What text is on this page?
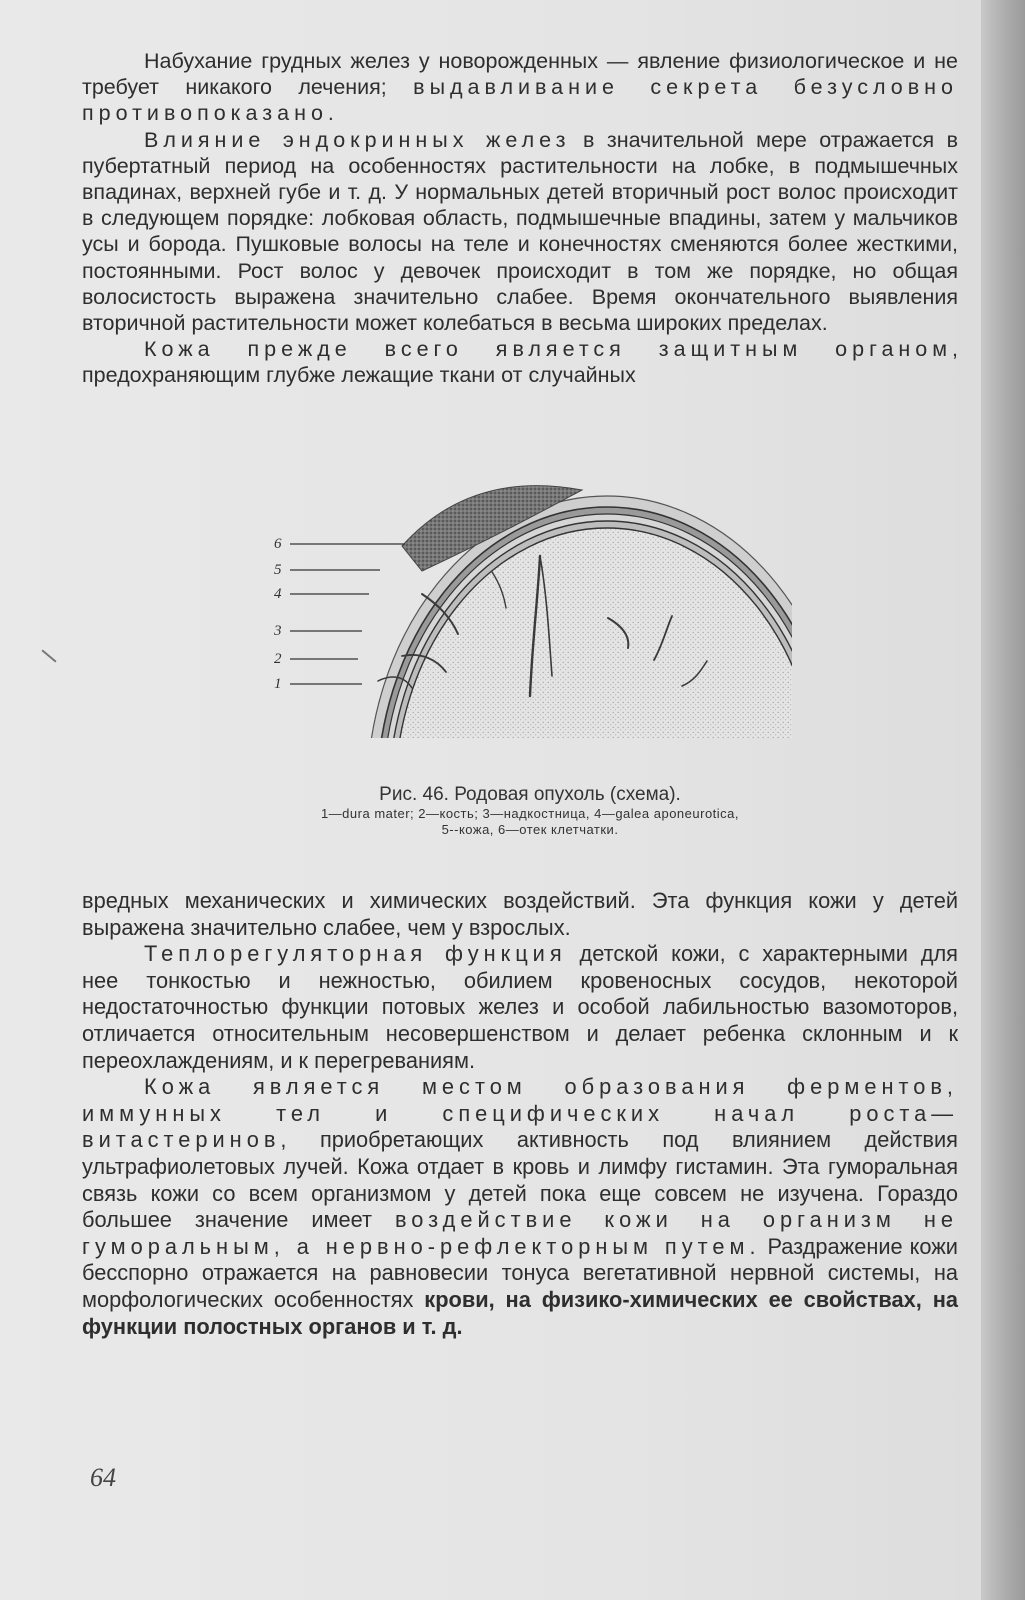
Набухание грудных желез у новорожденных — явление физиологическое и не требует никакого лечения; выдавливание секрета безусловно противопоказано.

Влияние эндокринных желез в значительной мере отражается в пубертатный период на особенностях растительности на лобке, в подмышечных впадинах, верхней губе и т. д. У нормальных детей вторичный рост волос происходит в следующем порядке: лобковая область, подмышечные впадины, затем у мальчиков усы и борода. Пушковые волосы на теле и конечностях сменяются более жесткими, постоянными. Рост волос у девочек происходит в том же порядке, но общая волосистость выражена значительно слабее. Время окончательного выявления вторичной растительности может колебаться в весьма широких пределах.

Кожа прежде всего является защитным органом, предохраняющим глубже лежащие ткани от случайных

6
5
4
3
2
1
Рис. 46. Родовая опухоль (схема).
1—dura mater; 2—кость; 3—надкостница, 4—galea aponeurotica,
5--кожа, 6—отек клетчатки.

вредных механических и химических воздействий. Эта функция кожи у детей выражена значительно слабее, чем у взрослых.

Теплорегуляторная функция детской кожи, с характерными для нее тонкостью и нежностью, обилием кровеносных сосудов, некоторой недостаточностью функции потовых желез и особой лабильностью вазомоторов, отличается относительным несовершенством и делает ребенка склонным и к переохлаждениям, и к перегреваниям.

Кожа является местом образования ферментов, иммунных тел и специфических начал роста—витастеринов, приобретающих активность под влиянием действия ультрафиолетовых лучей. Кожа отдает в кровь и лимфу гистамин. Эта гуморальная связь кожи со всем организмом у детей пока еще совсем не изучена. Гораздо большее значение имеет воздействие кожи на организм не гуморальным, а нервно-рефлекторным путем. Раздражение кожи бесспорно отражается на равновесии тонуса вегетативной нервной системы, на морфологических особенностях крови, на физико-химических ее свойствах, на функции полостных органов и т. д.

64
